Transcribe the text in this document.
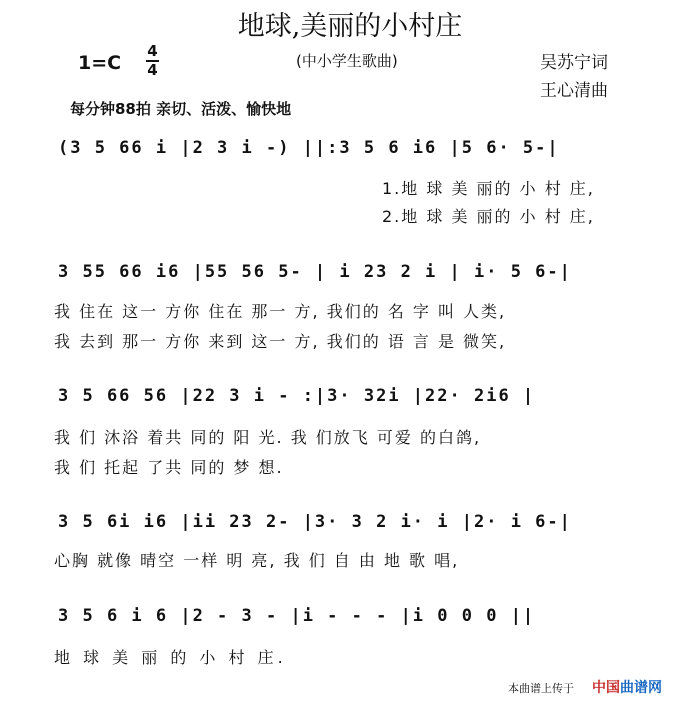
地球,美丽的小村庄
1=C
4
4	(中小学生歌曲)	吴苏宁词
王心清曲
每分钟88拍 亲切、活泼、愉快地
(3 5 66 i |2 3 i -) ||:3 5 6 i6 |5 6· 5-|
1.地 球 美 丽的 小 村 庄,
2.地 球 美 丽的 小 村 庄,
3 55 66 i6 |55 56 5- | i 23 2 i | i· 5 6-|
我 住在 这一 方你 住在 那一 方, 我们的 名 字 叫 人类,
我 去到 那一 方你 来到 这一 方, 我们的 语 言 是 微笑,
3 5 66 56 |22 3 i - :|3· 32i |22· 2i6 |
我 们 沐浴 着共 同的 阳 光. 我 们放飞 可爱 的白鸽,
我 们 托起 了共 同的 梦 想.
3 5 6i i6 |ii 23 2- |3· 3 2 i· i |2· i 6-|
心胸 就像 晴空 一样 明 亮, 我 们 自 由 地 歌 唱,
3 5 6 i 6 |2 - 3 - |i - - - |i 0 0 0 ||
地 球 美 丽 的 小 村 庄.
本曲谱上传于 中国曲谱网
